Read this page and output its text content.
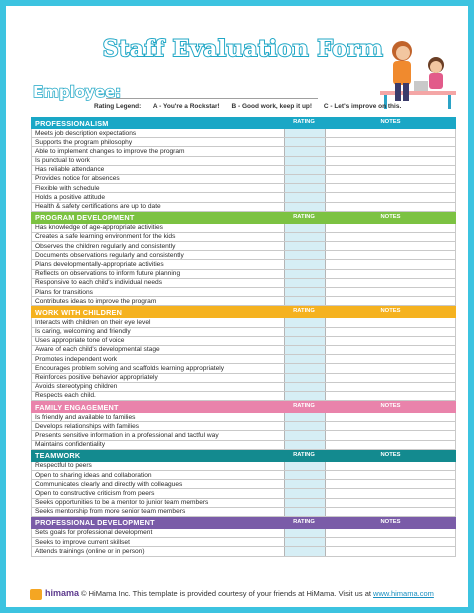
Staff Evaluation Form
Employee:
Rating Legend: A - You're a Rockstar! B - Good work, keep it up! C - Let's improve on this.
PROFESSIONALISM	RATING	NOTES
Meets job description expectations
Supports the program philosophy
Able to implement changes to improve the program
Is punctual to work
Has reliable attendance
Provides notice for absences
Flexible with schedule
Holds a positive attitude
Health & safety certifications are up to date
PROGRAM DEVELOPMENT	RATING	NOTES
Has knowledge of age-appropriate activities
Creates a safe learning environment for the kids
Observes the children regularly and consistently
Documents observations regularly and consistently
Plans developmentally-appropriate activities
Reflects on observations to inform future planning
Responsive to each child's individual needs
Plans for transitions
Contributes ideas to improve the program
WORK WITH CHILDREN	RATING	NOTES
Interacts with children on their eye level
Is caring, welcoming and friendly
Uses appropriate tone of voice
Aware of each child's developmental stage
Promotes independent work
Encourages problem solving and scaffolds learning appropriately
Reinforces positive behavior appropriately
Avoids stereotyping children
Respects each child.
FAMILY ENGAGEMENT	RATING	NOTES
Is friendly and available to families
Develops relationships with families
Presents sensitive information in a professional and tactful way
Maintains confidentiality
TEAMWORK	RATING	NOTES
Respectful to peers
Open to sharing ideas and collaboration
Communicates clearly and directly with colleagues
Open to constructive criticism from peers
Seeks opportunities to be a mentor to junior team members
Seeks mentorship from more senior team members
PROFESSIONAL DEVELOPMENT	RATING	NOTES
Sets goals for professional development
Seeks to improve current skillset
Attends trainings (online or in person)
himama © HiMama Inc. This template is provided courtesy of your friends at HiMama. Visit us at www.himama.com
